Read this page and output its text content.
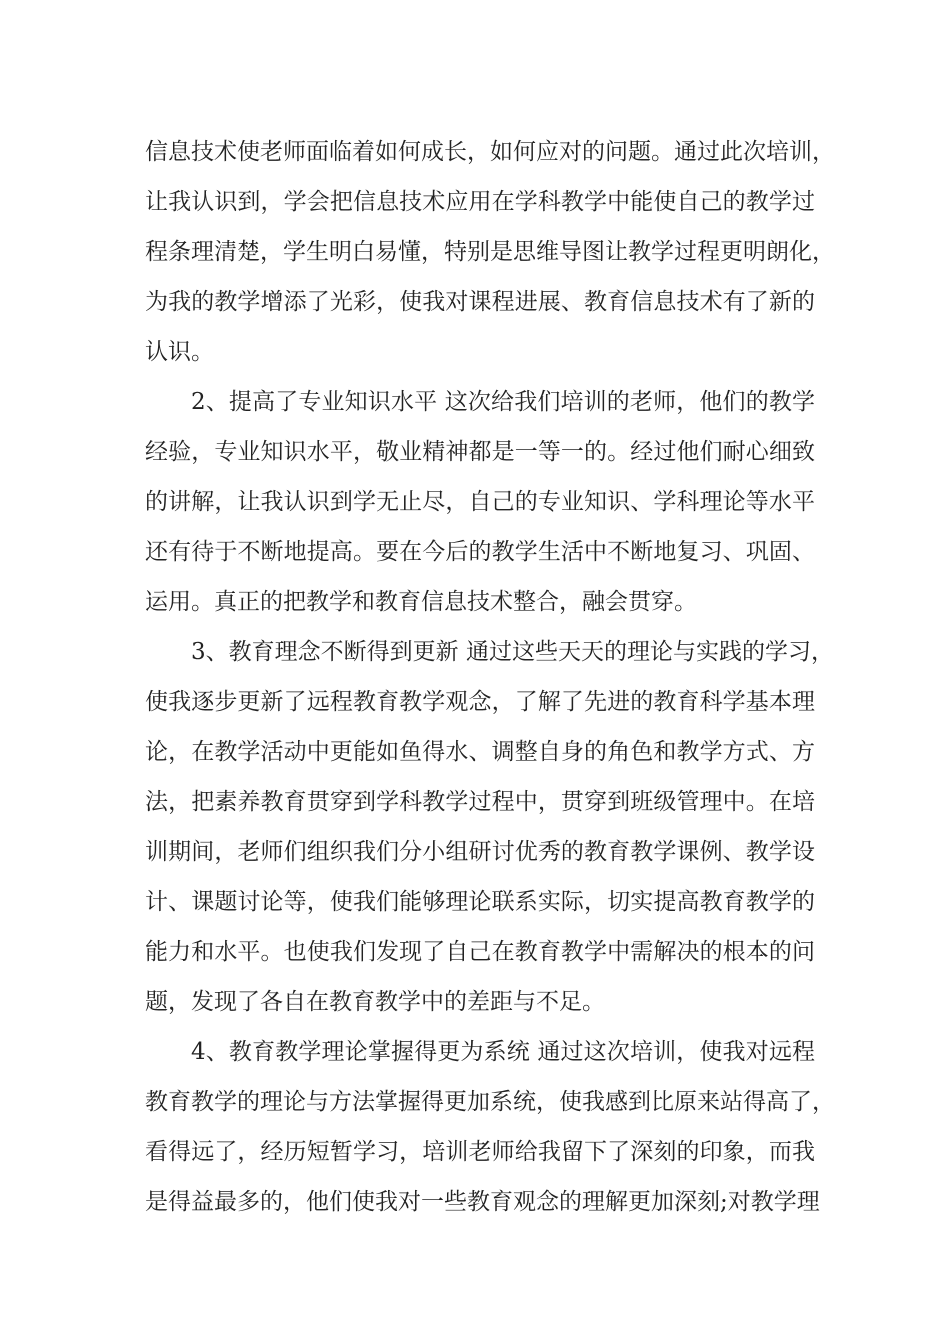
信息技术使老师面临着如何成长，如何应对的问题。通过此次培训，
让我认识到，学会把信息技术应用在学科教学中能使自己的教学过
程条理清楚，学生明白易懂，特别是思维导图让教学过程更明朗化，
为我的教学增添了光彩，使我对课程进展、教育信息技术有了新的
认识。
2、提高了专业知识水平 这次给我们培训的老师，他们的教学
经验，专业知识水平，敬业精神都是一等一的。经过他们耐心细致
的讲解，让我认识到学无止尽，自己的专业知识、学科理论等水平
还有待于不断地提高。要在今后的教学生活中不断地复习、巩固、
运用。真正的把教学和教育信息技术整合，融会贯穿。
3、教育理念不断得到更新 通过这些天天的理论与实践的学习，
使我逐步更新了远程教育教学观念，了解了先进的教育科学基本理
论，在教学活动中更能如鱼得水、调整自身的角色和教学方式、方
法，把素养教育贯穿到学科教学过程中，贯穿到班级管理中。在培
训期间，老师们组织我们分小组研讨优秀的教育教学课例、教学设
计、课题讨论等，使我们能够理论联系实际，切实提高教育教学的
能力和水平。也使我们发现了自己在教育教学中需解决的根本的问
题，发现了各自在教育教学中的差距与不足。
4、教育教学理论掌握得更为系统 通过这次培训，使我对远程
教育教学的理论与方法掌握得更加系统，使我感到比原来站得高了，
看得远了，经历短暂学习，培训老师给我留下了深刻的印象，而我
是得益最多的，他们使我对一些教育观念的理解更加深刻;对教学理
